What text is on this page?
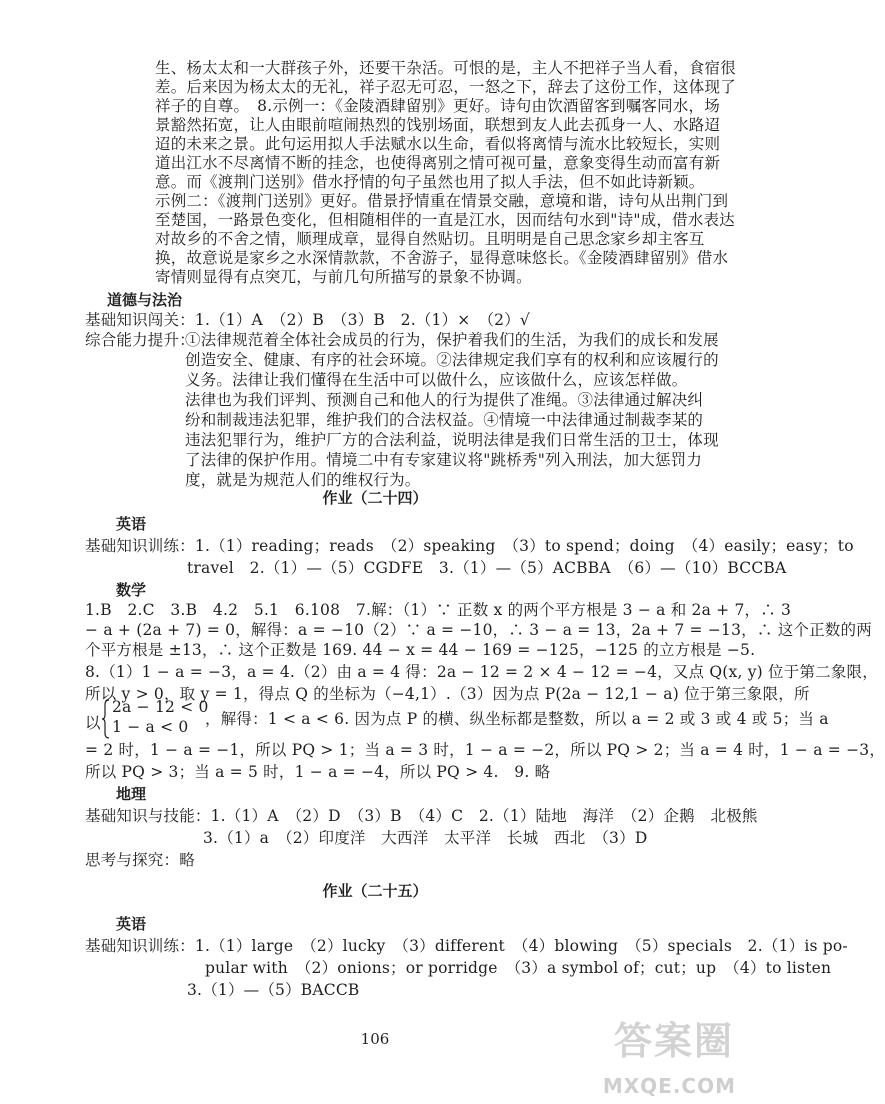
生、杨太太和一大群孩子外，还要干杂活。可恨的是，主人不把祥子当人看，食宿很
差。后来因为杨太太的无礼，祥子忍无可忍，一怒之下，辞去了这份工作，这体现了
祥子的自尊。　8.示例一：《金陵酒肆留别》更好。诗句由饮酒留客到嘱客同水，场
景豁然拓宽，让人由眼前喧闹热烈的饯别场面，联想到友人此去孤身一人、水路迢
迢的未来之景。此句运用拟人手法赋水以生命，看似将离情与流水比较短长，实则
道出江水不尽离情不断的挂念，也使得离别之情可视可量，意象变得生动而富有新
意。而《渡荆门送别》借水抒情的句子虽然也用了拟人手法，但不如此诗新颖。
示例二：《渡荆门送别》更好。借景抒情重在情景交融，意境和谐，诗句从出荆门到
至楚国，一路景色变化，但相随相伴的一直是江水，因而结句水到"诗"成，借水表达
对故乡的不舍之情，顺理成章，显得自然贴切。且明明是自己思念家乡却主客互
换，故意说是家乡之水深情款款，不舍游子，显得意味悠长。《金陵酒肆留别》借水
寄情则显得有点突兀，与前几句所描写的景象不协调。
道德与法治
基础知识闯关：1.（1）A　（2）B　（3）B　2.（1）×　（2）√
综合能力提升：
①法律规范着全体社会成员的行为，保护着我们的生活，为我们的成长和发展
创造安全、健康、有序的社会环境。②法律规定我们享有的权利和应该履行的
义务。法律让我们懂得在生活中可以做什么，应该做什么，应该怎样做。
法律也为我们评判、预测自己和他人的行为提供了准绳。③法律通过解决纠
纷和制裁违法犯罪，维护我们的合法权益。④情境一中法律通过制裁李某的
违法犯罪行为，维护厂方的合法利益，说明法律是我们日常生活的卫士，体现
了法律的保护作用。情境二中有专家建议将"跳桥秀"列入刑法，加大惩罚力
度，就是为规范人们的维权行为。
作业（二十四）
英语
基础知识训练：1.（1）reading；reads　（2）speaking　（3）to spend；doing　（4）easily；easy；to
travel　2.（1）—（5）CGDFE　3.（1）—（5）ACBBA　（6）—（10）BCCBA
数学
1.B　2.C　3.B　4.2　5.1　6.108　7.解：（1）∵ 正数 x 的两个平方根是 3 − a 和 2a + 7，∴ 3
− a + (2a + 7) = 0，解得：a = −10（2）∵ a = −10，∴ 3 − a = 13，2a + 7 = −13，∴ 这个正数的两
个平方根是 ±13，∴ 这个正数是 169. 44 − x = 44 − 169 = −125，−125 的立方根是 −5.
8.（1）1 − a = −3，a = 4.（2）由 a = 4 得：2a − 12 = 2 × 4 − 12 = −4，又点 Q(x, y) 位于第二象限，
所以 y > 0，取 y = 1，得点 Q 的坐标为（−4,1）.（3）因为点 P(2a − 12,1 − a) 位于第三象限，所
以
2a − 12 < 0
1 − a < 0 ，解得：1 < a < 6. 因为点 P 的横、纵坐标都是整数，所以 a = 2 或 3 或 4 或 5；当 a
= 2 时，1 − a = −1，所以 PQ > 1；当 a = 3 时，1 − a = −2，所以 PQ > 2；当 a = 4 时，1 − a = −3，
所以 PQ > 3；当 a = 5 时，1 − a = −4，所以 PQ > 4.　9. 略
地理
基础知识与技能：1.（1）A　（2）D　（3）B　（4）C　2.（1）陆地　海洋　（2）企鹅　北极熊
3.（1）a　（2）印度洋　大西洋　太平洋　长城　西北　（3）D
思考与探究：略
作业（二十五）
英语
基础知识训练：1.（1）large　（2）lucky　（3）different　（4）blowing　（5）specials　2.（1）is po-
pular with　（2）onions；or porridge　（3）a symbol of；cut；up　（4）to listen
答案圈
MXQE.COM
3.（1）—（5）BACCB
106
